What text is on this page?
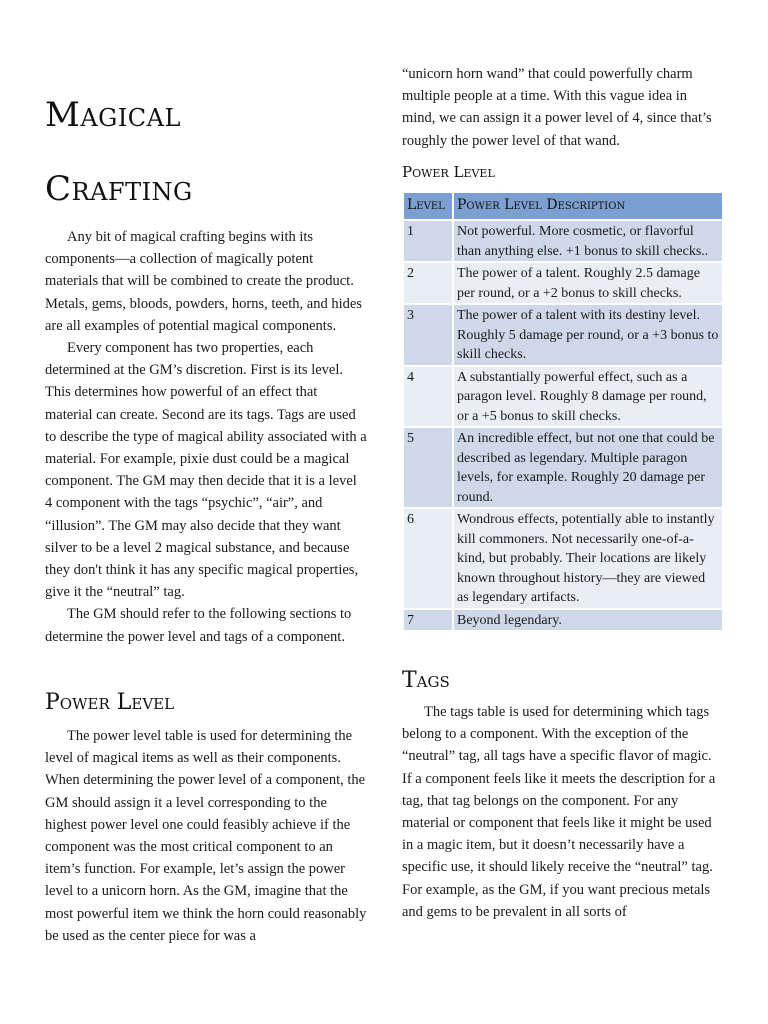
Magical
Crafting

Any bit of magical crafting begins with its components—a collection of magically potent materials that will be combined to create the product. Metals, gems, bloods, powders, horns, teeth, and hides are all examples of potential magical components.

Every component has two properties, each determined at the GM’s discretion. First is its level. This determines how powerful of an effect that material can create. Second are its tags. Tags are used to describe the type of magical ability associated with a material. For example, pixie dust could be a magical component. The GM may then decide that it is a level 4 component with the tags “psychic”, “air”, and “illusion”. The GM may also decide that they want silver to be a level 2 magical substance, and because they don't think it has any specific magical properties, give it the “neutral” tag.

The GM should refer to the following sections to determine the power level and tags of a component.

Power Level

The power level table is used for determining the level of magical items as well as their components. When determining the power level of a component, the GM should assign it a level corresponding to the highest power level one could feasibly achieve if the component was the most critical component to an item’s function. For example, let’s assign the power level to a unicorn horn. As the GM, imagine that the most powerful item we think the horn could reasonably be used as the center piece for was a

“unicorn horn wand” that could powerfully charm multiple people at a time. With this vague idea in mind, we can assign it a power level of 4, since that’s roughly the power level of that wand.

Power Level
Level	Power Level Description
1	Not powerful. More cosmetic, or flavorful than anything else. +1 bonus to skill checks..
2	The power of a talent. Roughly 2.5 damage per round, or a +2 bonus to skill checks.
3	The power of a talent with its destiny level. Roughly 5 damage per round, or a +3 bonus to skill checks.
4	A substantially powerful effect, such as a paragon level. Roughly 8 damage per round, or a +5 bonus to skill checks.
5	An incredible effect, but not one that could be described as legendary. Multiple paragon levels, for example. Roughly 20 damage per round.
6	Wondrous effects, potentially able to instantly kill commoners. Not necessarily one-of-a-kind, but probably. Their locations are likely known throughout history—they are viewed as legendary artifacts.
7	Beyond legendary.
Tags

The tags table is used for determining which tags belong to a component. With the exception of the “neutral” tag, all tags have a specific flavor of magic. If a component feels like it meets the description for a tag, that tag belongs on the component. For any material or component that feels like it might be used in a magic item, but it doesn’t necessarily have a specific use, it should likely receive the “neutral” tag. For example, as the GM, if you want precious metals and gems to be prevalent in all sorts of
